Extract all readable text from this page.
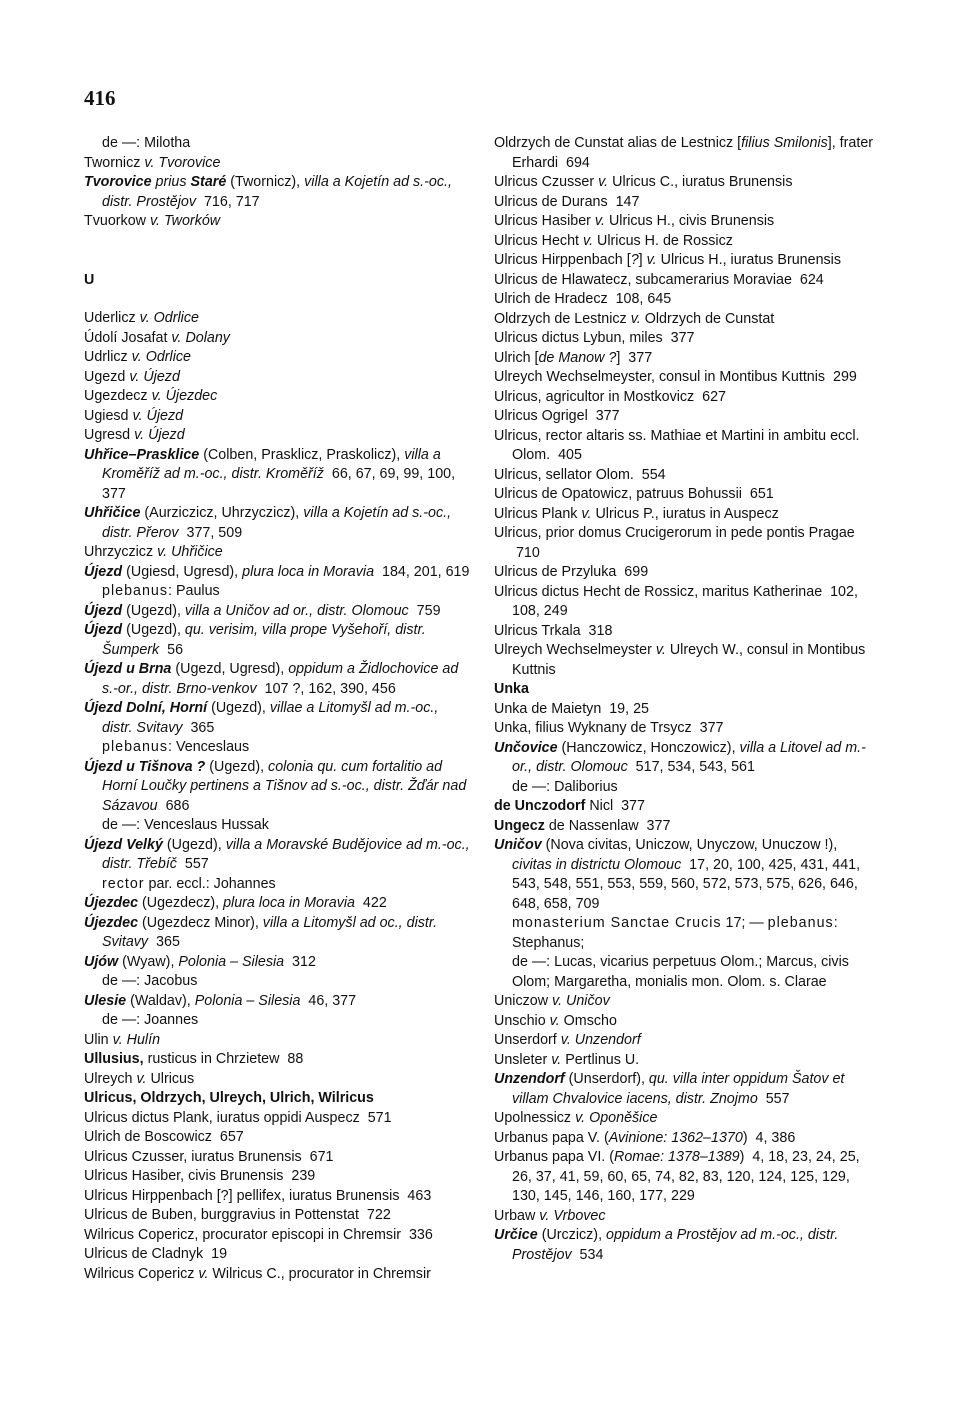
416
de —: Milotha
Twornicz v. Tvorovice
Tvorovice prius Staré (Twornicz), villa a Kojetín ad s.-oc., distr. Prostějov  716, 717
Tvuorkow v. Tworków
U
Uderlicz v. Odrlice
Údolí Josafat v. Dolany
Udrlicz v. Odrlice
Ugezd v. Újezd
Ugezdecz v. Újezdec
Ugiesd v. Újezd
Ugresd v. Újezd
Uhřice–Prasklice (Colben, Prasklicz, Praskolicz), villa a Kroměříž ad m.-oc., distr. Kroměříž  66, 67, 69, 99, 100, 377
Uhřičice (Aurziczicz, Uhrzyczicz), villa a Kojetín ad s.-oc., distr. Přerov  377, 509
Uhrzyczicz v. Uhřičice
Újezd (Ugiesd, Ugresd), plura loca in Moravia  184, 201, 619
plebanus: Paulus
Újezd (Ugezd), villa a Uničov ad or., distr. Olomouc  759
Újezd (Ugezd), qu. verisim, villa prope Vyšehoří, distr. Šumperk  56
Újezd u Brna (Ugezd, Ugresd), oppidum a Židlochovice ad s.-or., distr. Brno-venkov  107 ?, 162, 390, 456
Újezd Dolní, Horní (Ugezd), villae a Litomyšl ad m.-oc., distr. Svitavy  365
plebanus: Venceslaus
Újezd u Tišnova ? (Ugezd), colonia qu. cum fortalitio ad Horní Loučky pertinens a Tišnov ad s.-oc., distr. Žďár nad Sázavou  686
de —: Venceslaus Hussak
Újezd Velký (Ugezd), villa a Moravské Budějovice ad m.-oc., distr. Třebíč  557
rector par. eccl.: Johannes
Újezdec (Ugezdecz), plura loca in Moravia  422
Újezdec (Ugezdecz Minor), villa a Litomyšl ad oc., distr. Svitavy  365
Ujów (Wyaw), Polonia – Silesia  312
de —: Jacobus
Ulesie (Waldav), Polonia – Silesia  46, 377
de —: Joannes
Ulin v. Hulín
Ullusius, rusticus in Chrzietew  88
Ulreych v. Ulricus
Ulricus, Oldrzych, Ulreych, Ulrich, Wilricus
Ulricus dictus Plank, iuratus oppidi Auspecz  571
Ulrich de Boscowicz  657
Ulricus Czusser, iuratus Brunensis  671
Ulricus Hasiber, civis Brunensis  239
Ulricus Hirppenbach [?] pellifex, iuratus Brunensis  463
Ulricus de Buben, burggravius in Pottenstat  722
Wilricus Copericz, procurator episcopi in Chremsir  336
Ulricus de Cladnyk  19
Wilricus Copericz v. Wilricus C., procurator in Chremsir
Oldrzych de Cunstat alias de Lestnicz [filius Smilonis], frater Erhardi  694
Ulricus Czusser v. Ulricus C., iuratus Brunensis
Ulricus de Durans  147
Ulricus Hasiber v. Ulricus H., civis Brunensis
Ulricus Hecht v. Ulricus H. de Rossicz
Ulricus Hirppenbach [?] v. Ulricus H., iuratus Brunensis
Ulricus de Hlawatecz, subcamerarius Moraviae  624
Ulrich de Hradecz  108, 645
Oldrzych de Lestnicz v. Oldrzych de Cunstat
Ulricus dictus Lybun, miles  377
Ulrich [de Manow ?]  377
Ulreych Wechselmeyster, consul in Montibus Kuttnis  299
Ulricus, agricultor in Mostkovicz  627
Ulricus Ogrigel  377
Ulricus, rector altaris ss. Mathiae et Martini in ambitu eccl. Olom.  405
Ulricus, sellator Olom.  554
Ulricus de Opatowicz, patruus Bohussii  651
Ulricus Plank v. Ulricus P., iuratus in Auspecz
Ulricus, prior domus Crucigerorum in pede pontis Pragae  710
Ulricus de Przyluka  699
Ulricus dictus Hecht de Rossicz, maritus Katherinae  102, 108, 249
Ulricus Trkala  318
Ulreych Wechselmeyster v. Ulreych W., consul in Montibus Kuttnis
Unka
Unka de Maietyn  19, 25
Unka, filius Wyknany de Trsycz  377
Unčovice (Hanczowicz, Honczowicz), villa a Litovel ad m.-or., distr. Olomouc  517, 534, 543, 561
de —: Daliborius
de Unczodorf Nicl  377
Ungecz de Nassenlaw  377
Uničov (Nova civitas, Uniczow, Unyczow, Unuczow !), civitas in districtu Olomouc  17, 20, 100, 425, 431, 441, 543, 548, 551, 553, 559, 560, 572, 573, 575, 626, 646, 648, 658, 709
monasterium Sanctae Crucis 17; — plebanus: Stephanus;
de —: Lucas, vicarius perpetuus Olom.; Marcus, civis Olom; Margaretha, monialis mon. Olom. s. Clarae
Uniczow v. Uničov
Unschio v. Omscho
Unserdorf v. Unzendorf
Unsleter v. Pertlinus U.
Unzendorf (Unserdorf), qu. villa inter oppidum Šatov et villam Chvalovice iacens, distr. Znojmo  557
Upolnessicz v. Oponěšice
Urbanus papa V. (Avinione: 1362–1370)  4, 386
Urbanus papa VI. (Romae: 1378–1389)  4, 18, 23, 24, 25, 26, 37, 41, 59, 60, 65, 74, 82, 83, 120, 124, 125, 129, 130, 145, 146, 160, 177, 229
Urbaw v. Vrbovec
Určice (Urczicz), oppidum a Prostějov ad m.-oc., distr. Prostějov  534
